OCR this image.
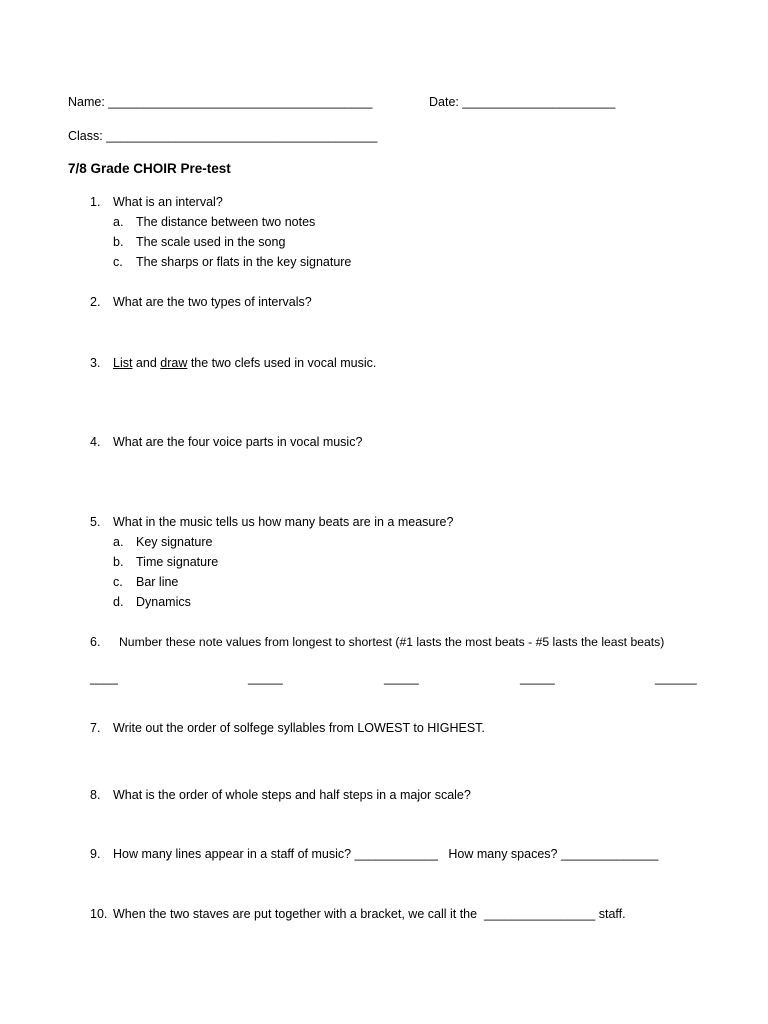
Name: ______________________________________	Date: ______________________
Class: _______________________________________
7/8 Grade CHOIR Pre-test
1. What is an interval?
a. The distance between two notes
b. The scale used in the song
c. The sharps or flats in the key signature
2. What are the two types of intervals?
3. List and draw the two clefs used in vocal music.
4. What are the four voice parts in vocal music?
5. What in the music tells us how many beats are in a measure?
a. Key signature
b. Time signature
c. Bar line
d. Dynamics
6. Number these note values from longest to shortest (#1 lasts the most beats - #5 lasts the least beats)
____	_____	_____	_____	______
7. Write out the order of solfege syllables from LOWEST to HIGHEST.
8. What is the order of whole steps and half steps in a major scale?
9. How many lines appear in a staff of music? ____________   How many spaces? ______________
10. When the two staves are put together with a bracket, we call it the  ________________ staff.
